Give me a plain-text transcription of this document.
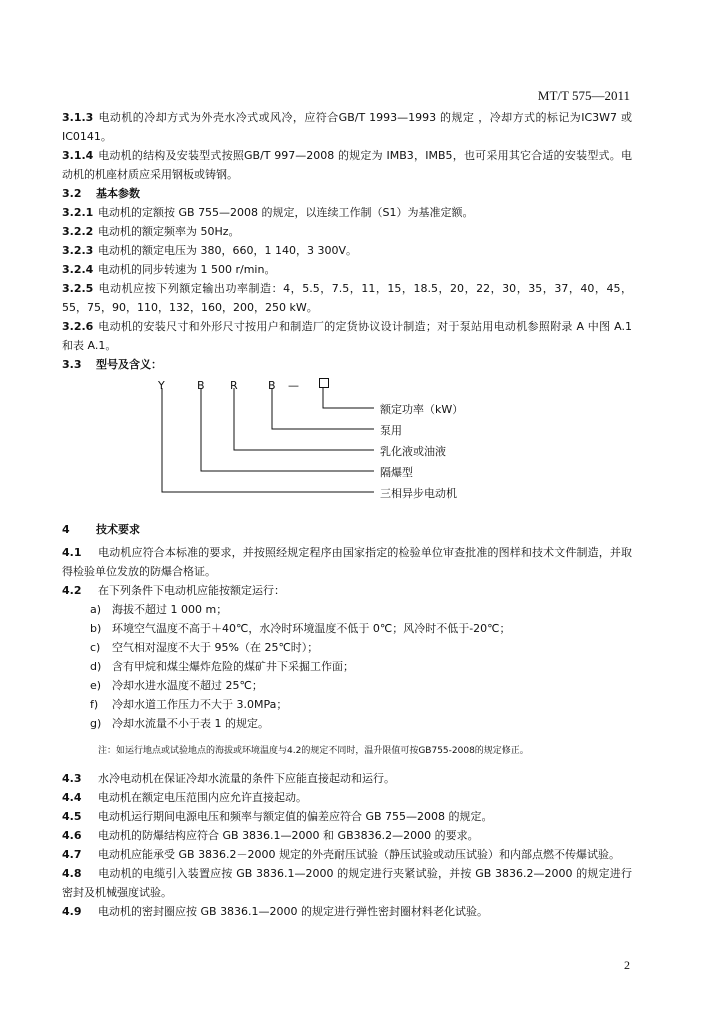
MT/T 575—2011

3.1.3 电动机的冷却方式为外壳水冷式或风冷，应符合GB/T 1993—1993 的规定 ，冷却方式的标记为IC3W7 或 IC0141。

3.1.4 电动机的结构及安装型式按照GB/T 997—2008 的规定为 IMB3，IMB5，也可采用其它合适的安装型式。电动机的机座材质应采用钢板或铸钢。

3.2 基本参数

3.2.1 电动机的定额按 GB 755—2008 的规定，以连续工作制（S1）为基准定额。

3.2.2 电动机的额定频率为 50Hz。

3.2.3 电动机的额定电压为 380，660，1 140，3 300V。

3.2.4 电动机的同步转速为 1 500 r/min。

3.2.5 电动机应按下列额定输出功率制造：4，5.5，7.5，11，15，18.5，20，22，30，35，37，40，45，55，75，90，110，132，160，200，250 kW。

3.2.6 电动机的安装尺寸和外形尺寸按用户和制造厂的定货协议设计制造；对于泵站用电动机参照附录 A 中图 A.1 和表 A.1。

3.3 型号及含义：

Y	B R	B —
额定功率（kW）
泵用
乳化液或油液
隔爆型
三相异步电动机

4 技术要求

4.1 电动机应符合本标准的要求，并按照经规定程序由国家指定的检验单位审查批准的图样和技术文件制造，并取得检验单位发放的防爆合格证。

4.2 在下列条件下电动机应能按额定运行：

a) 海拔不超过 1 000 m；
b) 环境空气温度不高于＋40℃，水冷时环境温度不低于 0℃；风冷时不低于-20℃；
c)	空气相对湿度不大于 95%（在 25℃时）；
d) 含有甲烷和煤尘爆炸危险的煤矿井下采掘工作面；
e) 冷却水进水温度不超过 25℃；
f)	冷却水道工作压力不大于 3.0MPa；
g) 冷却水流量不小于表 1 的规定。

注：如运行地点或试验地点的海拔或环境温度与4.2的规定不同时，温升限值可按GB755-2008的规定修正。

4.3 水冷电动机在保证冷却水流量的条件下应能直接起动和运行。

4.4 电动机在额定电压范围内应允许直接起动。

4.5 电动机运行期间电源电压和频率与额定值的偏差应符合 GB 755—2008 的规定。

4.6 电动机的防爆结构应符合 GB 3836.1—2000 和 GB3836.2—2000 的要求。

4.7 电动机应能承受 GB 3836.2－2000 规定的外壳耐压试验（静压试验或动压试验）和内部点燃不传爆试验。

4.8 电动机的电缆引入装置应按 GB 3836.1—2000 的规定进行夹紧试验，并按 GB 3836.2—2000 的规定进行密封及机械强度试验。

4.9 电动机的密封圈应按 GB 3836.1—2000 的规定进行弹性密封圈材料老化试验。

2
